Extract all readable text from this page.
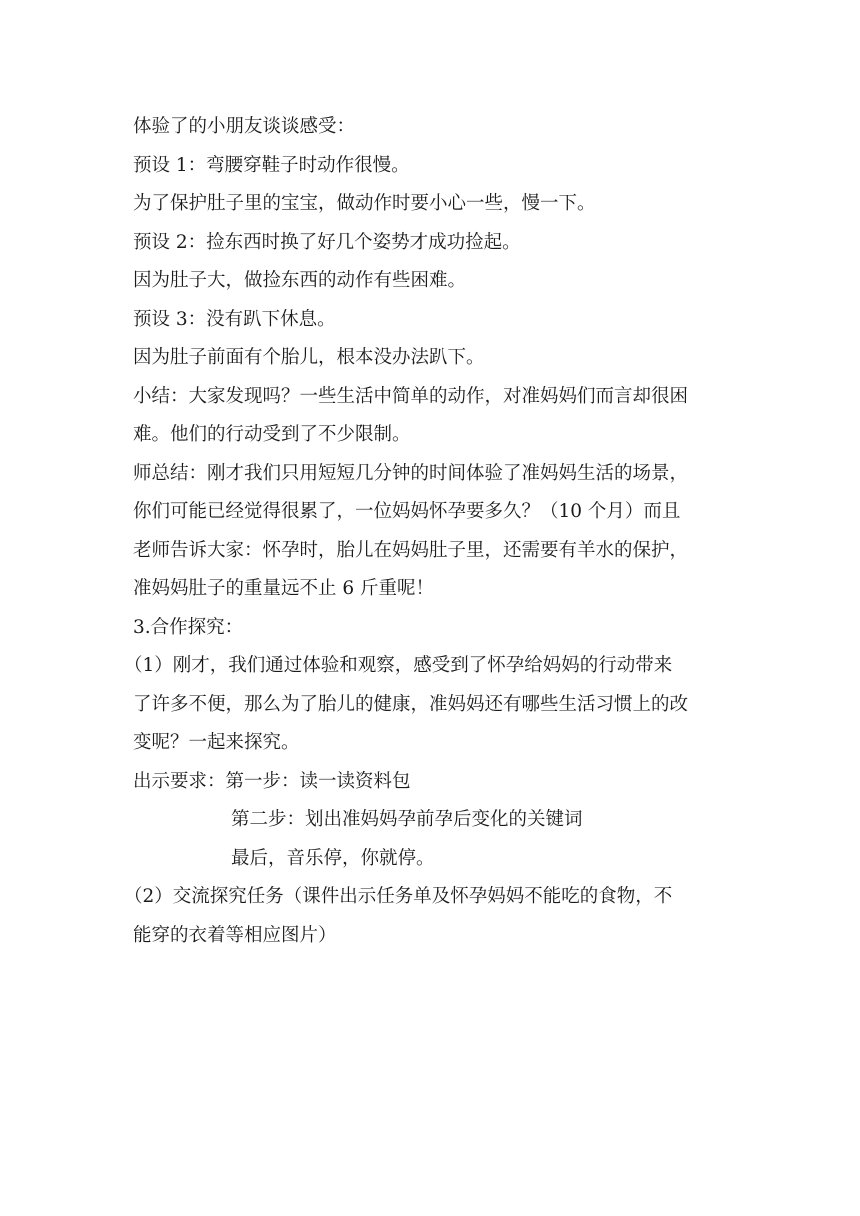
体验了的小朋友谈谈感受：
预设 1：弯腰穿鞋子时动作很慢。
为了保护肚子里的宝宝，做动作时要小心一些，慢一下。
预设 2：捡东西时换了好几个姿势才成功捡起。
因为肚子大，做捡东西的动作有些困难。
预设 3：没有趴下休息。
因为肚子前面有个胎儿，根本没办法趴下。
小结：大家发现吗？一些生活中简单的动作，对准妈妈们而言却很困
难。他们的行动受到了不少限制。
师总结：刚才我们只用短短几分钟的时间体验了准妈妈生活的场景，
你们可能已经觉得很累了，一位妈妈怀孕要多久？（10 个月）而且
老师告诉大家：怀孕时，胎儿在妈妈肚子里，还需要有羊水的保护，
准妈妈肚子的重量远不止 6 斤重呢！
3.合作探究：
（1）刚才，我们通过体验和观察，感受到了怀孕给妈妈的行动带来
了许多不便，那么为了胎儿的健康，准妈妈还有哪些生活习惯上的改
变呢？一起来探究。
出示要求：第一步：读一读资料包
第二步：划出准妈妈孕前孕后变化的关键词
最后，音乐停，你就停。
（2）交流探究任务（课件出示任务单及怀孕妈妈不能吃的食物，不
能穿的衣着等相应图片）
